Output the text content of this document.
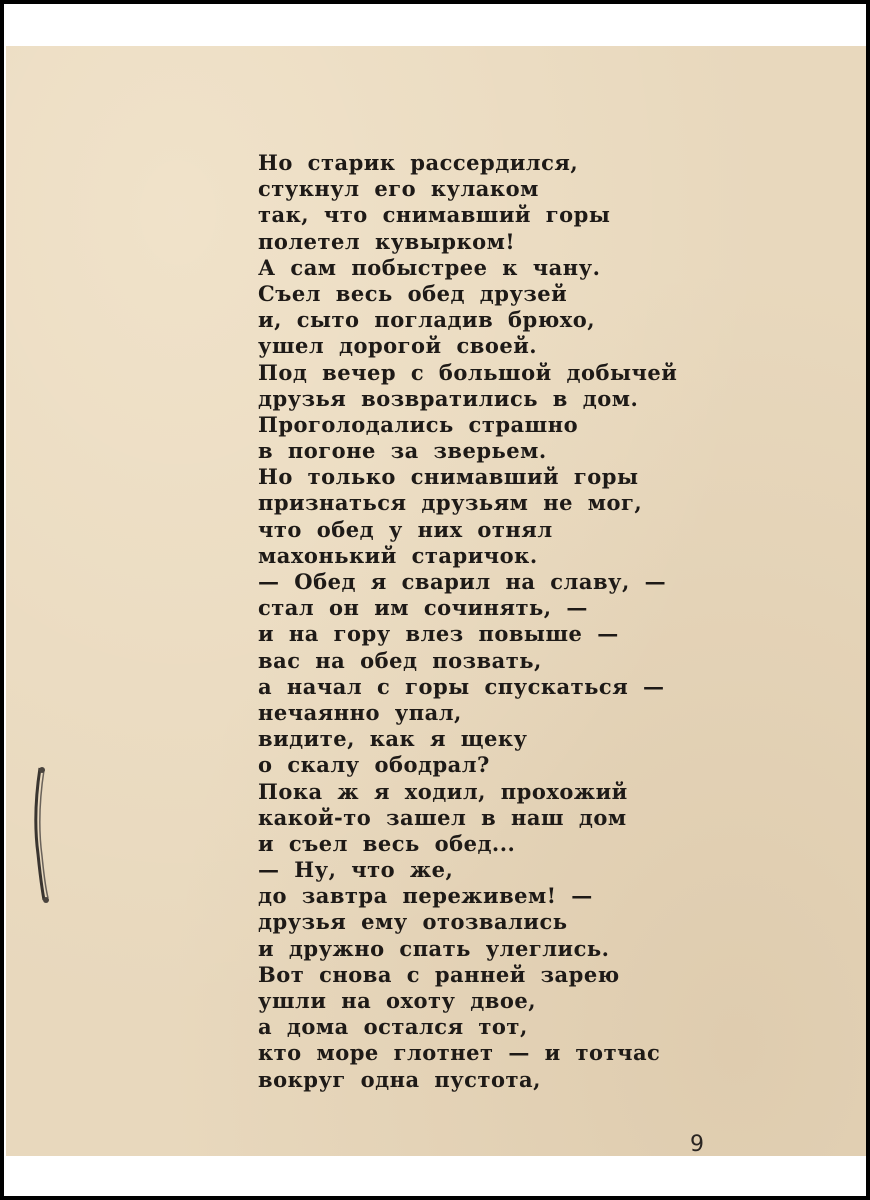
Но старик рассердился,
стукнул его кулаком
так, что снимавший горы
полетел кувырком!
А сам побыстрее к чану.
Съел весь обед друзей
и, сыто погладив брюхо,
ушел дорогой своей.
Под вечер с большой добычей
друзья возвратились в дом.
Проголодались страшно
в погоне за зверьем.
Но только снимавший горы
признаться друзьям не мог,
что обед у них отнял
махонький старичок.
— Обед я сварил на славу, —
стал он им сочинять, —
и на гору влез повыше —
вас на обед позвать,
а начал с горы спускаться —
нечаянно упал,
видите, как я щеку
о скалу ободрал?
Пока ж я ходил, прохожий
какой-то зашел в наш дом
и съел весь обед...
— Ну, что же,
до завтра переживем! —
друзья ему отозвались
и дружно спать улеглись.
Вот снова с ранней зарею
ушли на охоту двое,
а дома остался тот,
кто море глотнет — и тотчас
вокруг одна пустота,
9
